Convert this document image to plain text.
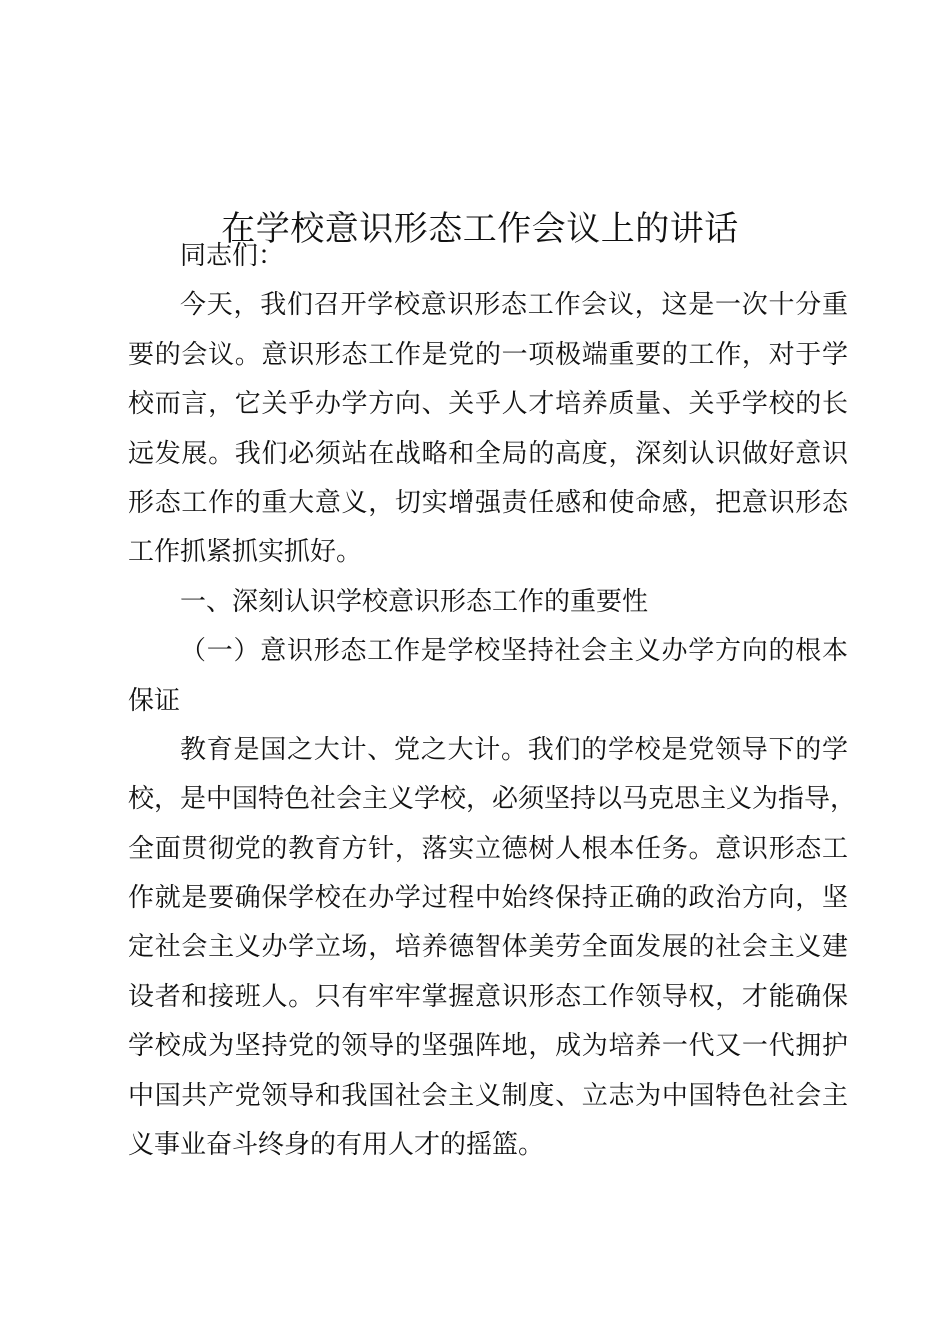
在学校意识形态工作会议上的讲话
同志们：
今天，我们召开学校意识形态工作会议，这是一次十分重
要的会议。意识形态工作是党的一项极端重要的工作，对于学
校而言，它关乎办学方向、关乎人才培养质量、关乎学校的长
远发展。我们必须站在战略和全局的高度，深刻认识做好意识
形态工作的重大意义，切实增强责任感和使命感，把意识形态
工作抓紧抓实抓好。
一、深刻认识学校意识形态工作的重要性
（一）意识形态工作是学校坚持社会主义办学方向的根本
保证
教育是国之大计、党之大计。我们的学校是党领导下的学
校，是中国特色社会主义学校，必须坚持以马克思主义为指导，
全面贯彻党的教育方针，落实立德树人根本任务。意识形态工
作就是要确保学校在办学过程中始终保持正确的政治方向，坚
定社会主义办学立场，培养德智体美劳全面发展的社会主义建
设者和接班人。只有牢牢掌握意识形态工作领导权，才能确保
学校成为坚持党的领导的坚强阵地，成为培养一代又一代拥护
中国共产党领导和我国社会主义制度、立志为中国特色社会主
义事业奋斗终身的有用人才的摇篮。
